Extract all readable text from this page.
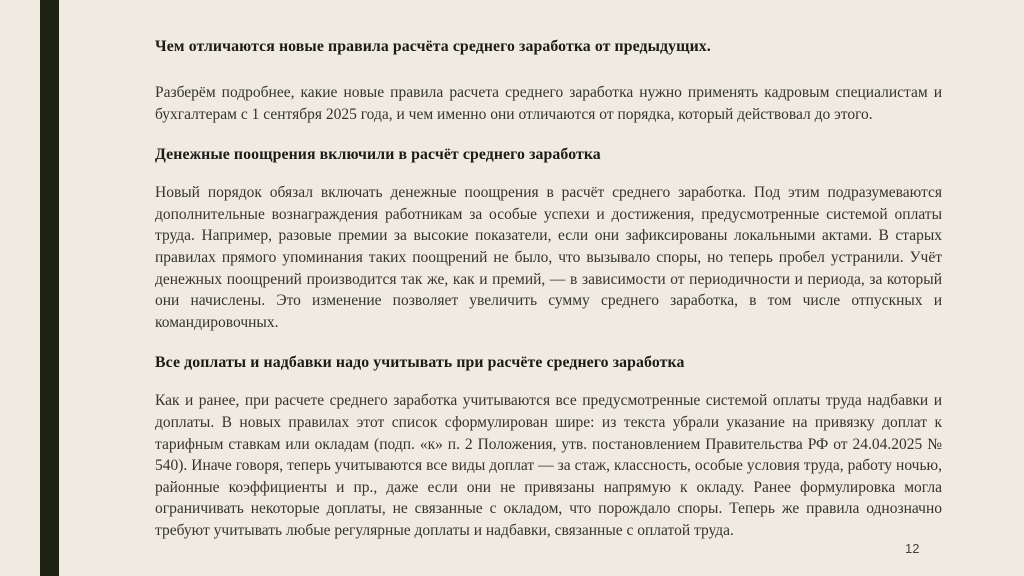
Чем отличаются новые правила расчёта среднего заработка от предыдущих.

Разберём подробнее, какие новые правила расчета среднего заработка нужно применять кадровым специалистам и бухгалтерам с 1 сентября 2025 года, и чем именно они отличаются от порядка, который действовал до этого.

Денежные поощрения включили в расчёт среднего заработка

Новый порядок обязал включать денежные поощрения в расчёт среднего заработка. Под этим подразумеваются дополнительные вознаграждения работникам за особые успехи и достижения, предусмотренные системой оплаты труда. Например, разовые премии за высокие показатели, если они зафиксированы локальными актами. В старых правилах прямого упоминания таких поощрений не было, что вызывало споры, но теперь пробел устранили. Учёт денежных поощрений производится так же, как и премий, — в зависимости от периодичности и периода, за который они начислены. Это изменение позволяет увеличить сумму среднего заработка, в том числе отпускных и командировочных.

Все доплаты и надбавки надо учитывать при расчёте среднего заработка

Как и ранее, при расчете среднего заработка учитываются все предусмотренные системой оплаты труда надбавки и доплаты. В новых правилах этот список сформулирован шире: из текста убрали указание на привязку доплат к тарифным ставкам или окладам (подп. «к» п. 2 Положения, утв. постановлением Правительства РФ от 24.04.2025 № 540). Иначе говоря, теперь учитываются все виды доплат — за стаж, классность, особые условия труда, работу ночью, районные коэффициенты и пр., даже если они не привязаны напрямую к окладу. Ранее формулировка могла ограничивать некоторые доплаты, не связанные с окладом, что порождало споры. Теперь же правила однозначно требуют учитывать любые регулярные доплаты и надбавки, связанные с оплатой труда.

12
